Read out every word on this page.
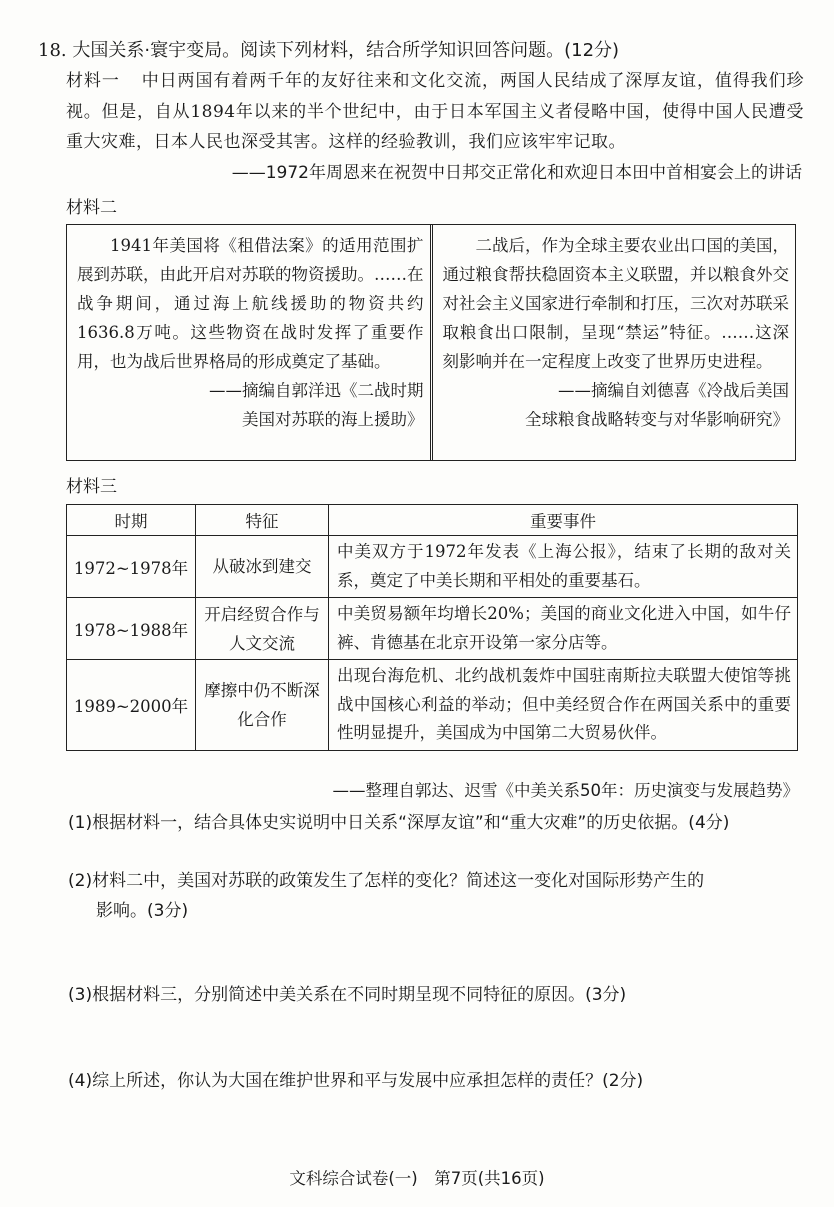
18. 大国关系·寰宇变局。阅读下列材料，结合所学知识回答问题。(12分)
材料一 中日两国有着两千年的友好往来和文化交流，两国人民结成了深厚友谊，值得我们珍视。但是，自从1894年以来的半个世纪中，由于日本军国主义者侵略中国，使得中国人民遭受重大灾难，日本人民也深受其害。这样的经验教训，我们应该牢牢记取。
——1972年周恩来在祝贺中日邦交正常化和欢迎日本田中首相宴会上的讲话
材料二

1941年美国将《租借法案》的适用范围扩展到苏联，由此开启对苏联的物资援助。……在战争期间，通过海上航线援助的物资共约1636.8万吨。这些物资在战时发挥了重要作用，也为战后世界格局的形成奠定了基础。

——摘编自郭洋迅《二战时期
美国对苏联的海上援助》

二战后，作为全球主要农业出口国的美国，通过粮食帮扶稳固资本主义联盟，并以粮食外交对社会主义国家进行牵制和打压，三次对苏联采取粮食出口限制，呈现“禁运”特征。……这深刻影响并在一定程度上改变了世界历史进程。

——摘编自刘德喜《冷战后美国
全球粮食战略转变与对华影响研究》
材料三
时期	特征	重要事件
1972~1978年	从破冰到建交	中美双方于1972年发表《上海公报》，结束了长期的敌对关系，奠定了中美长期和平相处的重要基石。
1978~1988年	开启经贸合作与人文交流	中美贸易额年均增长20%；美国的商业文化进入中国，如牛仔裤、肯德基在北京开设第一家分店等。
1989~2000年	摩擦中仍不断深化合作	出现台海危机、北约战机轰炸中国驻南斯拉夫联盟大使馆等挑战中国核心利益的举动；但中美经贸合作在两国关系中的重要性明显提升，美国成为中国第二大贸易伙伴。
——整理自郭达、迟雪《中美关系50年：历史演变与发展趋势》
(1)根据材料一，结合具体史实说明中日关系“深厚友谊”和“重大灾难”的历史依据。(4分)
(2)材料二中，美国对苏联的政策发生了怎样的变化？简述这一变化对国际形势产生的
影响。(3分)
(3)根据材料三，分别简述中美关系在不同时期呈现不同特征的原因。(3分)
(4)综上所述，你认为大国在维护世界和平与发展中应承担怎样的责任？(2分)
文科综合试卷(一)　第7页(共16页)
